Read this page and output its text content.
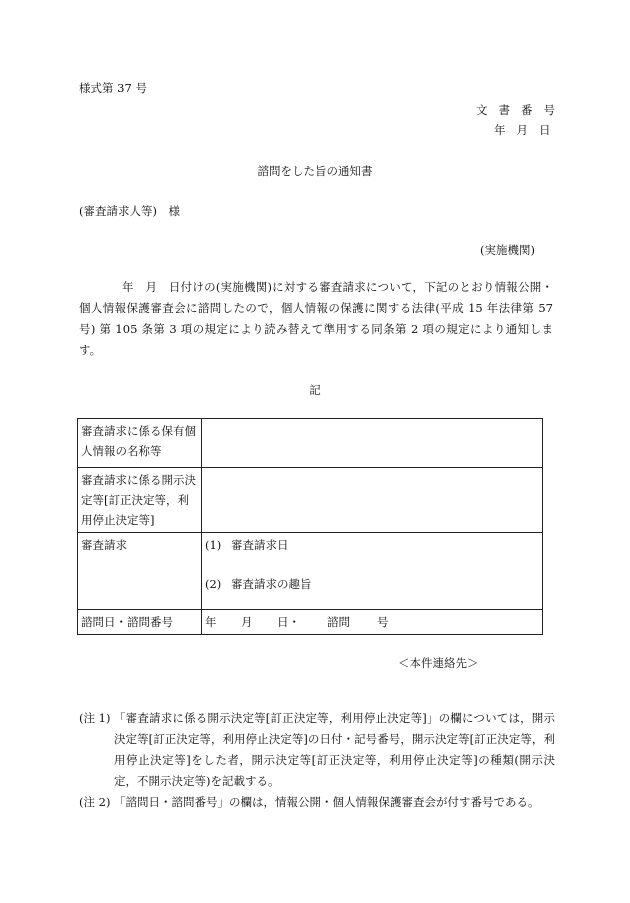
様式第 37 号
文書番号
年月日
諮問をした旨の通知書
(審査請求人等)　様
(実施機関)
年　月　日付けの(実施機関)に対する審査請求について，下記のとおり情報公開・個人情報保護審査会に諮問したので，個人情報の保護に関する法律(平成 15 年法律第 57 号) 第 105 条第 3 項の規定により読み替えて準用する同条第 2 項の規定により通知します。
記
審査請求に係る保有個人情報の名称等	
審査請求に係る開示決定等[訂正決定等，利用停止決定等]	
審査請求	(1) 審査請求日
(2) 審査請求の趣旨

諮問日・諮問番号	年 月 日・ 諮問 号
＜本件連絡先＞
(注 1) 「審査請求に係る開示決定等[訂正決定等，利用停止決定等]」の欄については，開示決定等[訂正決定等，利用停止決定等]の日付・記号番号，開示決定等[訂正決定等，利用停止決定等]をした者，開示決定等[訂正決定等，利用停止決定等]の種類(開示決定，不開示決定等)を記載する。
(注 2) 「諮問日・諮問番号」の欄は，情報公開・個人情報保護審査会が付す番号である。
